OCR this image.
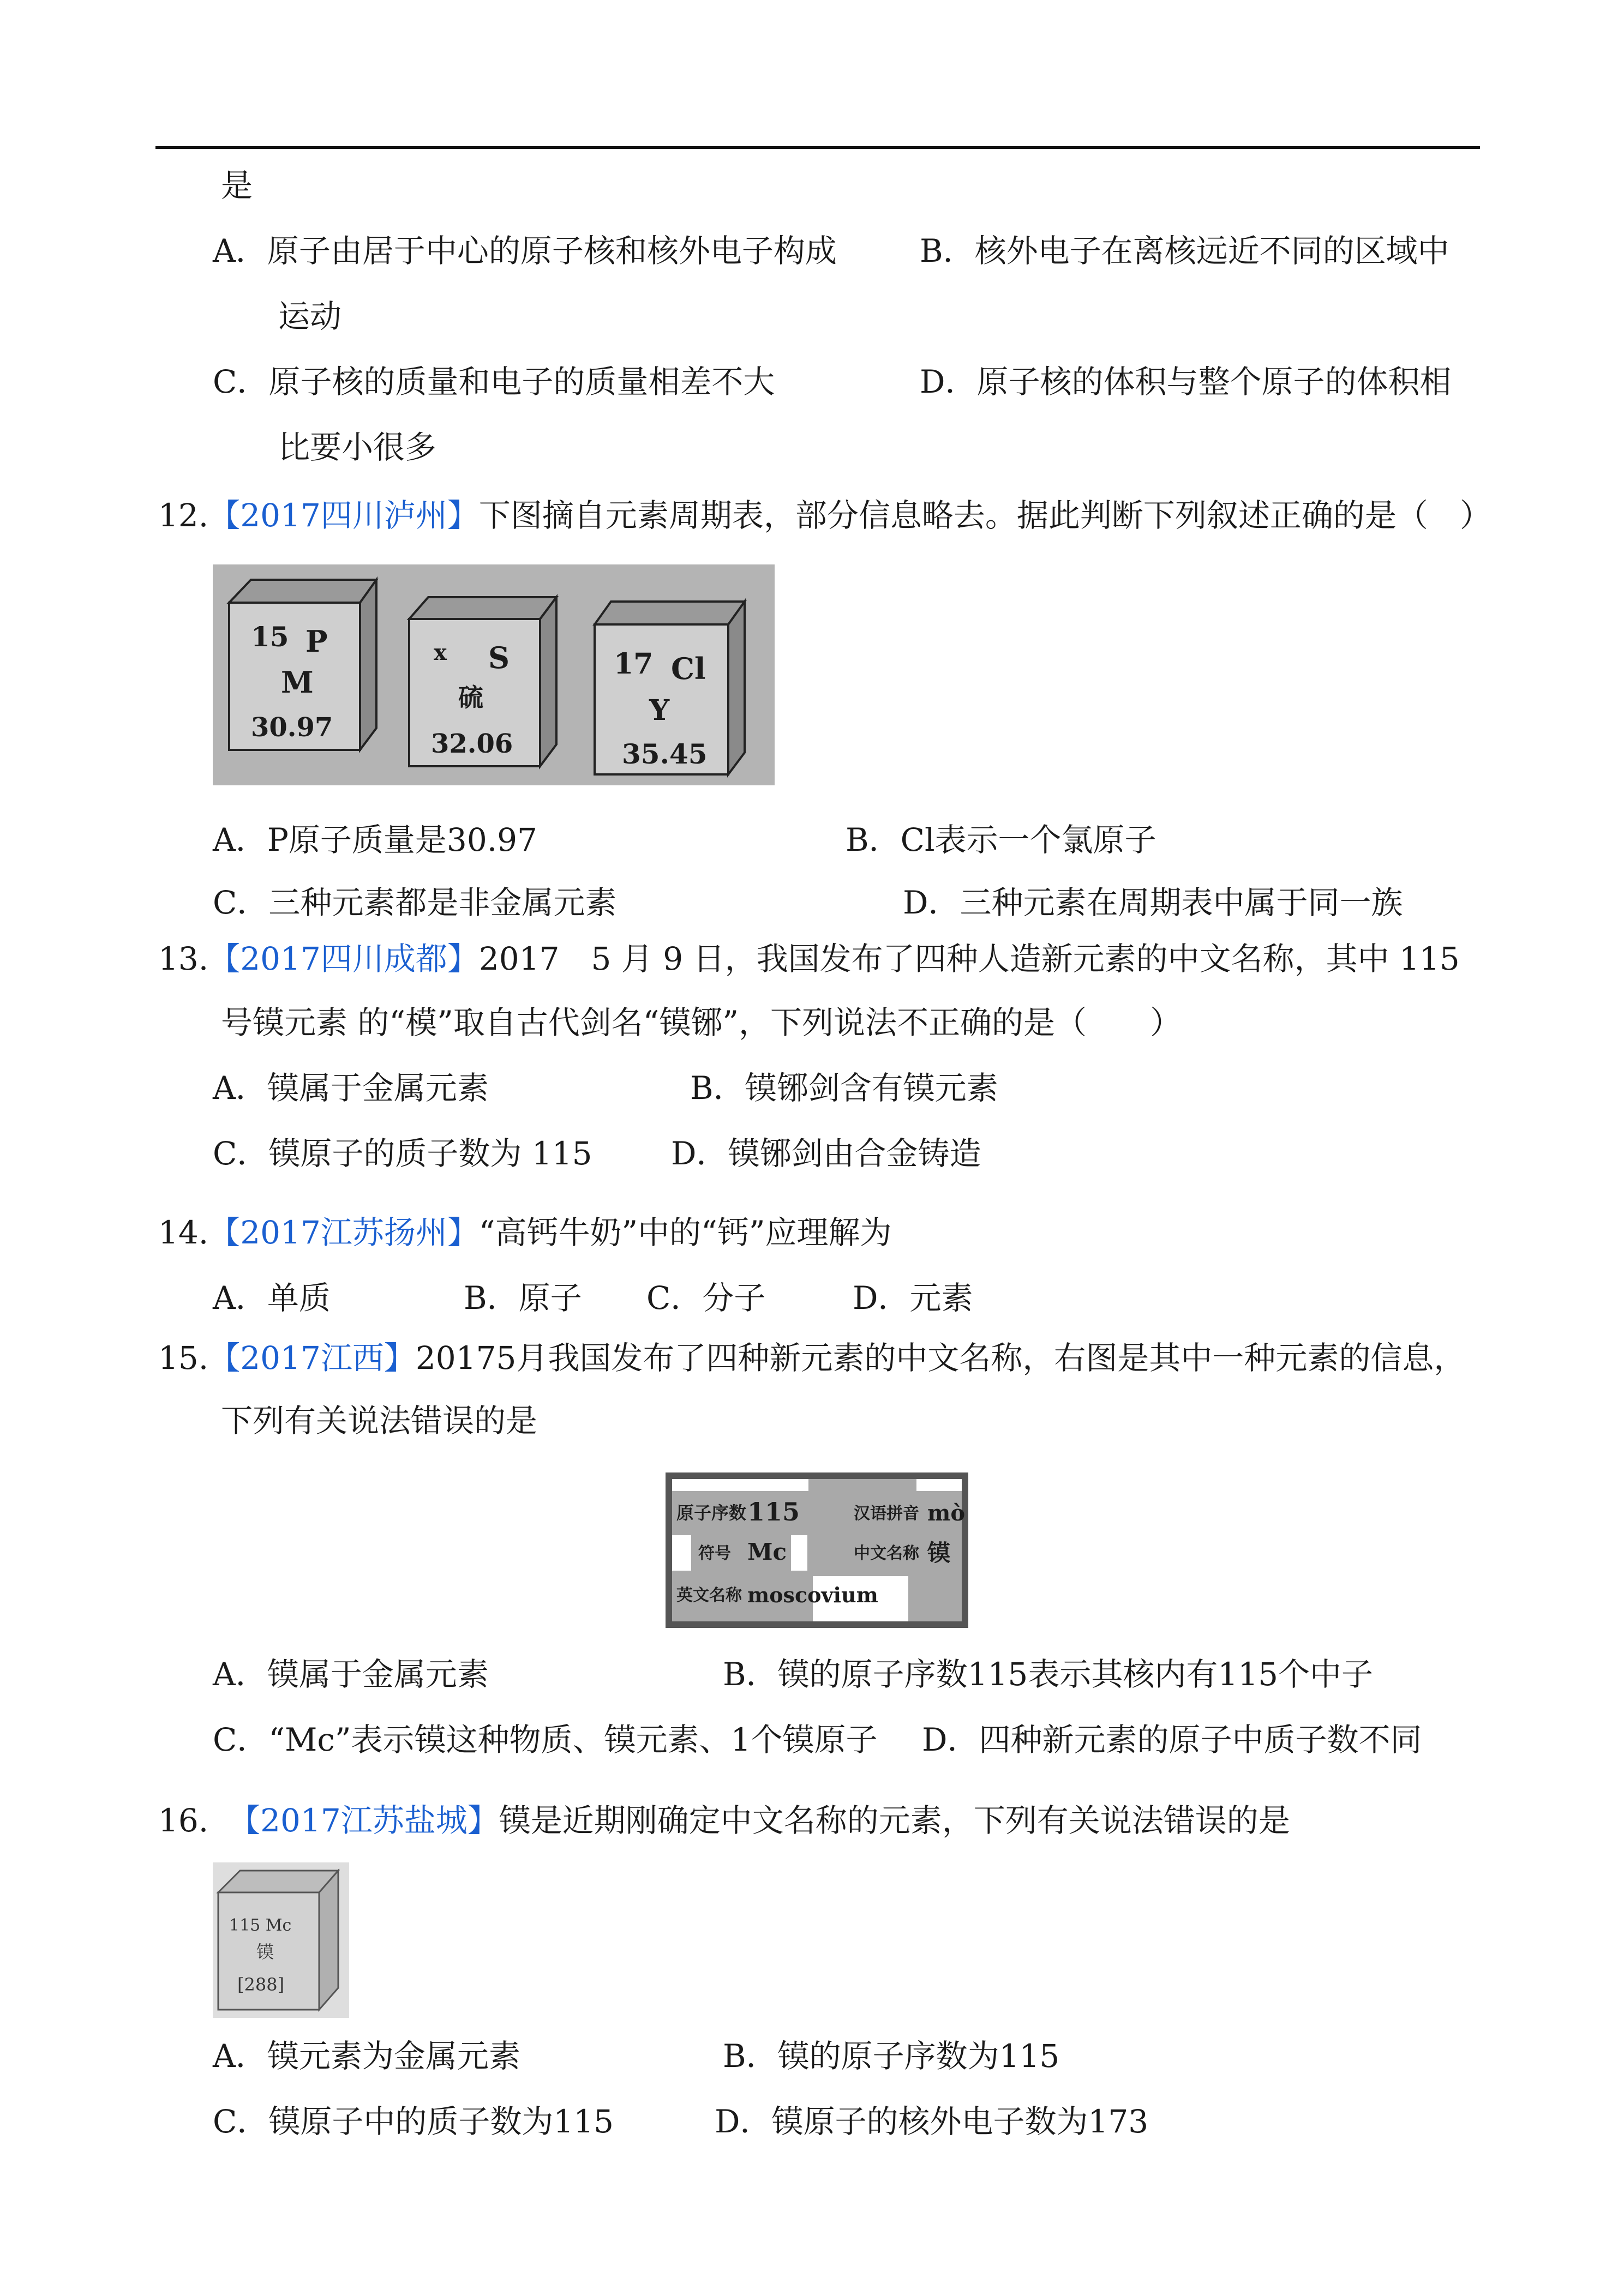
是
A．原子由居于中心的原子核和核外电子构成	B．核外电子在离核远近不同的区域中
运动
C．原子核的质量和电子的质量相差不大	D．原子核的体积与整个原子的体积相
比要小很多
12.【2017四川泸州】下图摘自元素周期表，部分信息略去。据此判断下列叙述正确的是（　）
15 P
M
30.97
x S
硫
32.06
17 Cl
Y
35.45
A．P原子质量是30.97	B．Cl表示一个氯原子
C．三种元素都是非金属元素	D．三种元素在周期表中属于同一族
13.【2017四川成都】2017　5 月 9 日，我国发布了四种人造新元素的中文名称，其中 115
号镆元素 的“模”取自古代剑名“镆铘”，下列说法不正确的是（　　）
A．镆属于金属元素	B．镆铘剑含有镆元素
C．镆原子的质子数为 115 D．镆铘剑由合金铸造
14.【2017江苏扬州】“高钙牛奶”中的“钙”应理解为
A．单质	B．原子 C．分子	D．元素
15.【2017江西】20175月我国发布了四种新元素的中文名称，右图是其中一种元素的信息，
下列有关说法错误的是
原子序数 115	汉语拼音 mò
符号 Mc	中文名称 镆
英文名称 moscovium
A．镆属于金属元素	B．镆的原子序数115表示其核内有115个中子
C．“Mc”表示镆这种物质、镆元素、1个镆原子 D．四种新元素的原子中质子数不同
16. 【2017江苏盐城】镆是近期刚确定中文名称的元素，下列有关说法错误的是
115 Mc
镆
[288]
A．镆元素为金属元素	B．镆的原子序数为115
C．镆原子中的质子数为115	D．镆原子的核外电子数为173
